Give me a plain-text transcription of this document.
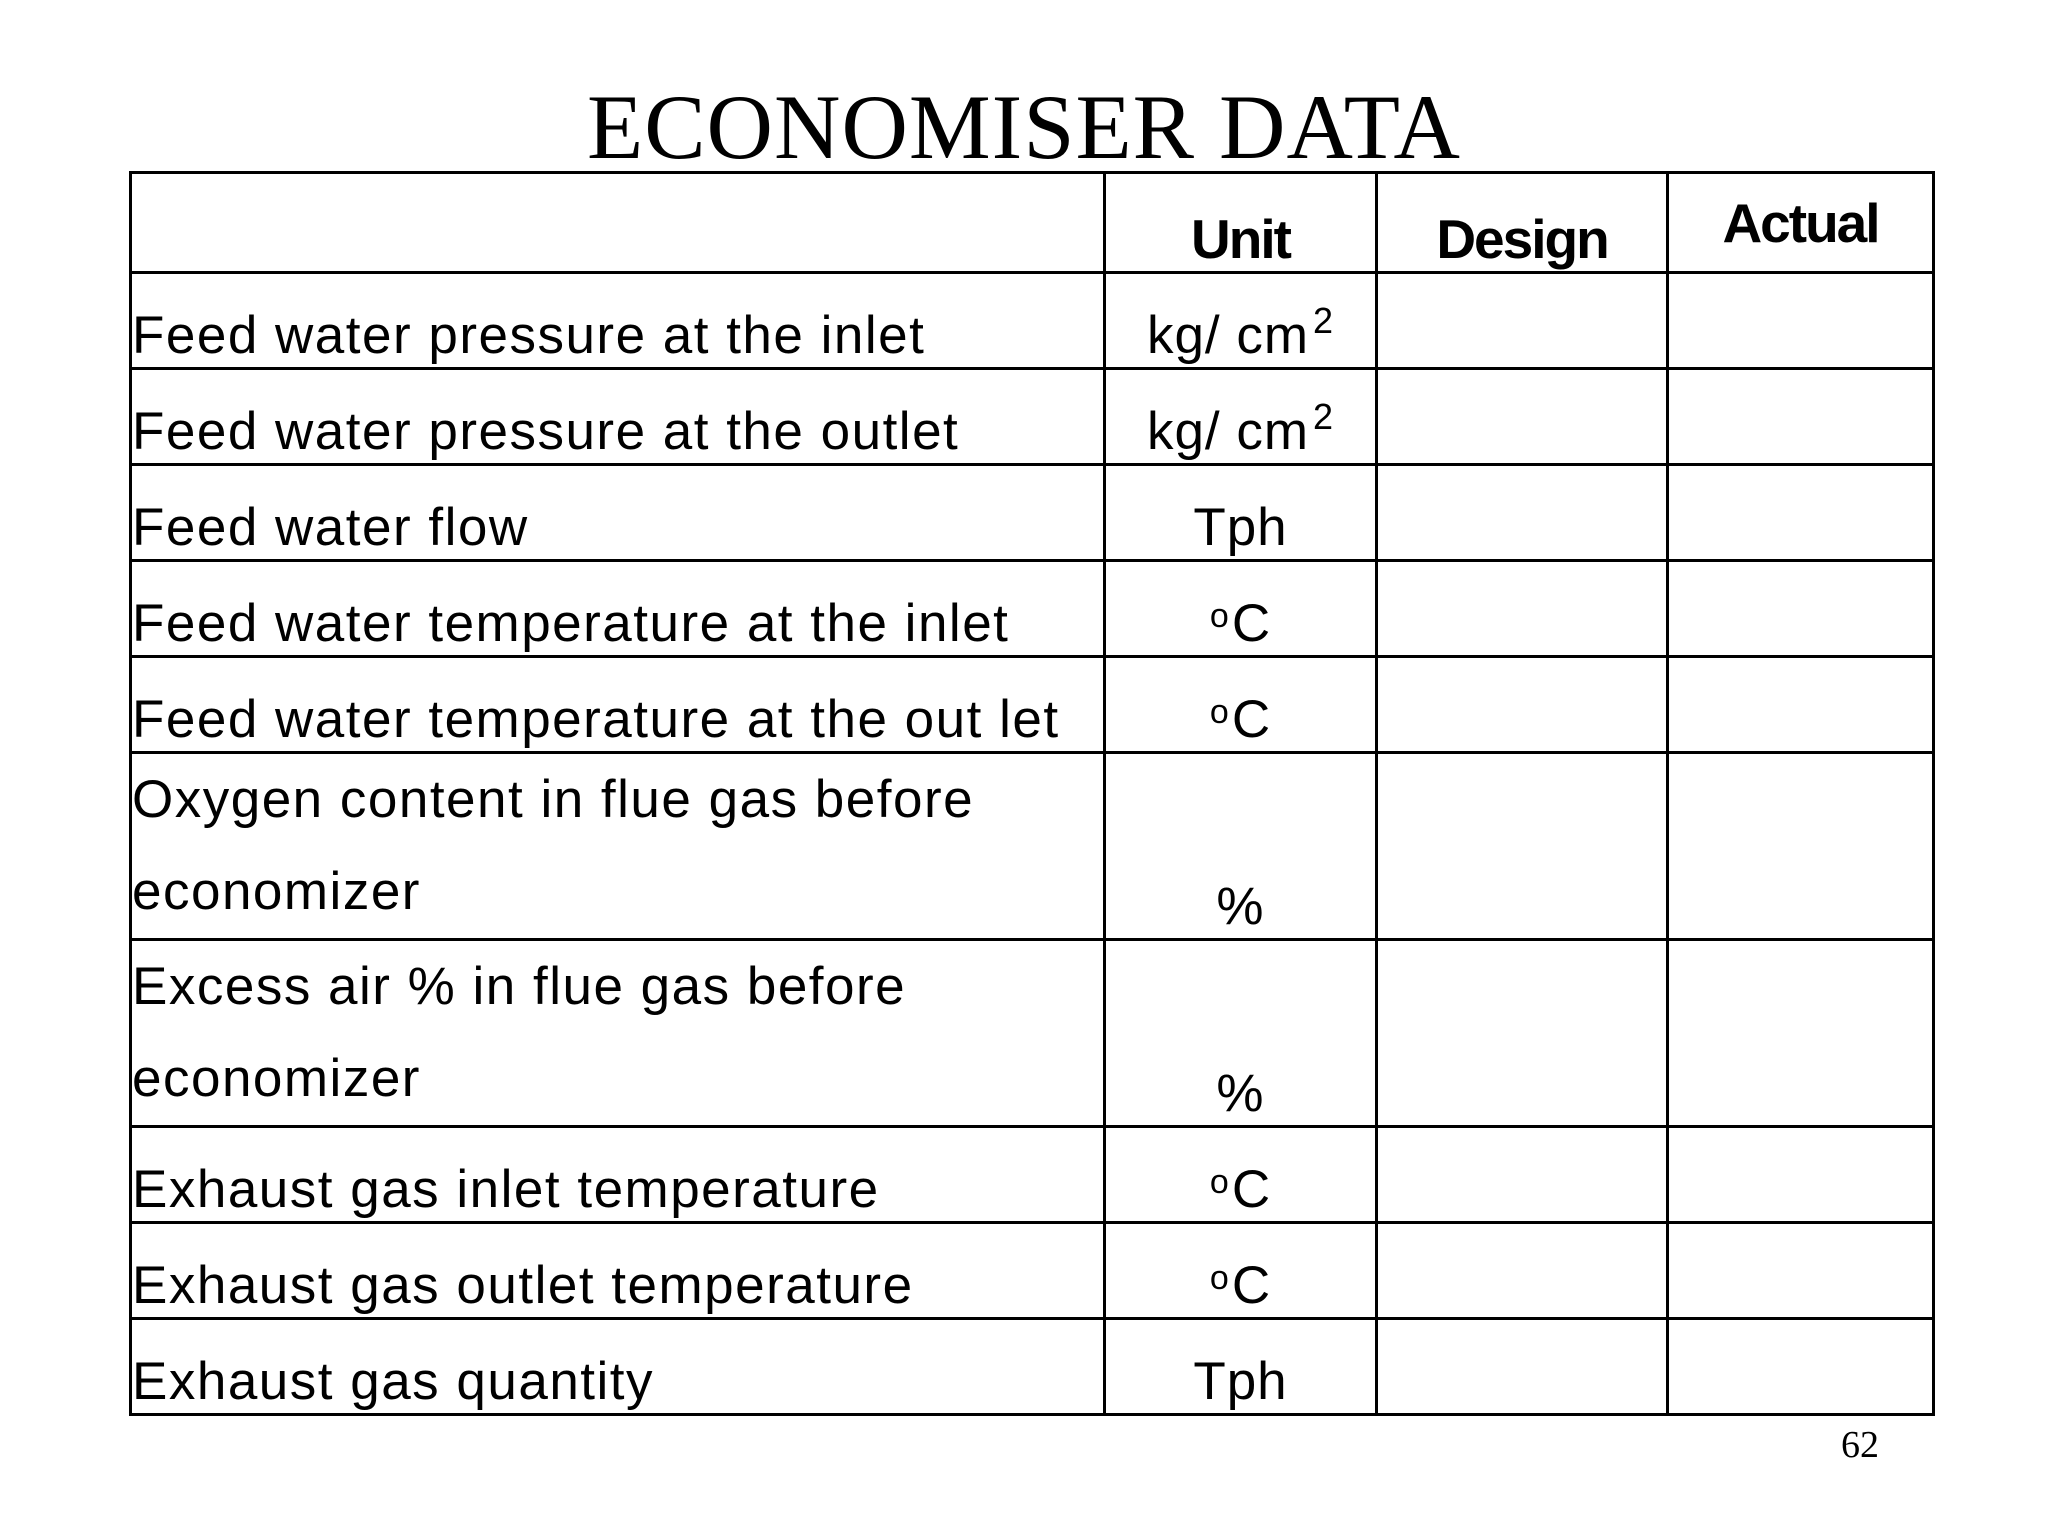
ECONOMISER DATA
	Unit	Design	Actual
Feed water pressure at the inlet	kg/ cm $^2$		
Feed water pressure at the outlet	kg/ cm $^2$		
Feed water flow	Tph		
Feed water temperature at the inlet	$^o$C		
Feed water temperature at the out let	$^o$C		
Oxygen content in flue gas before economizer	%		
Excess air % in flue gas before economizer	%		
Exhaust gas inlet temperature	$^o$C		
Exhaust gas outlet temperature	$^o$C		
Exhaust gas quantity	Tph		
62
